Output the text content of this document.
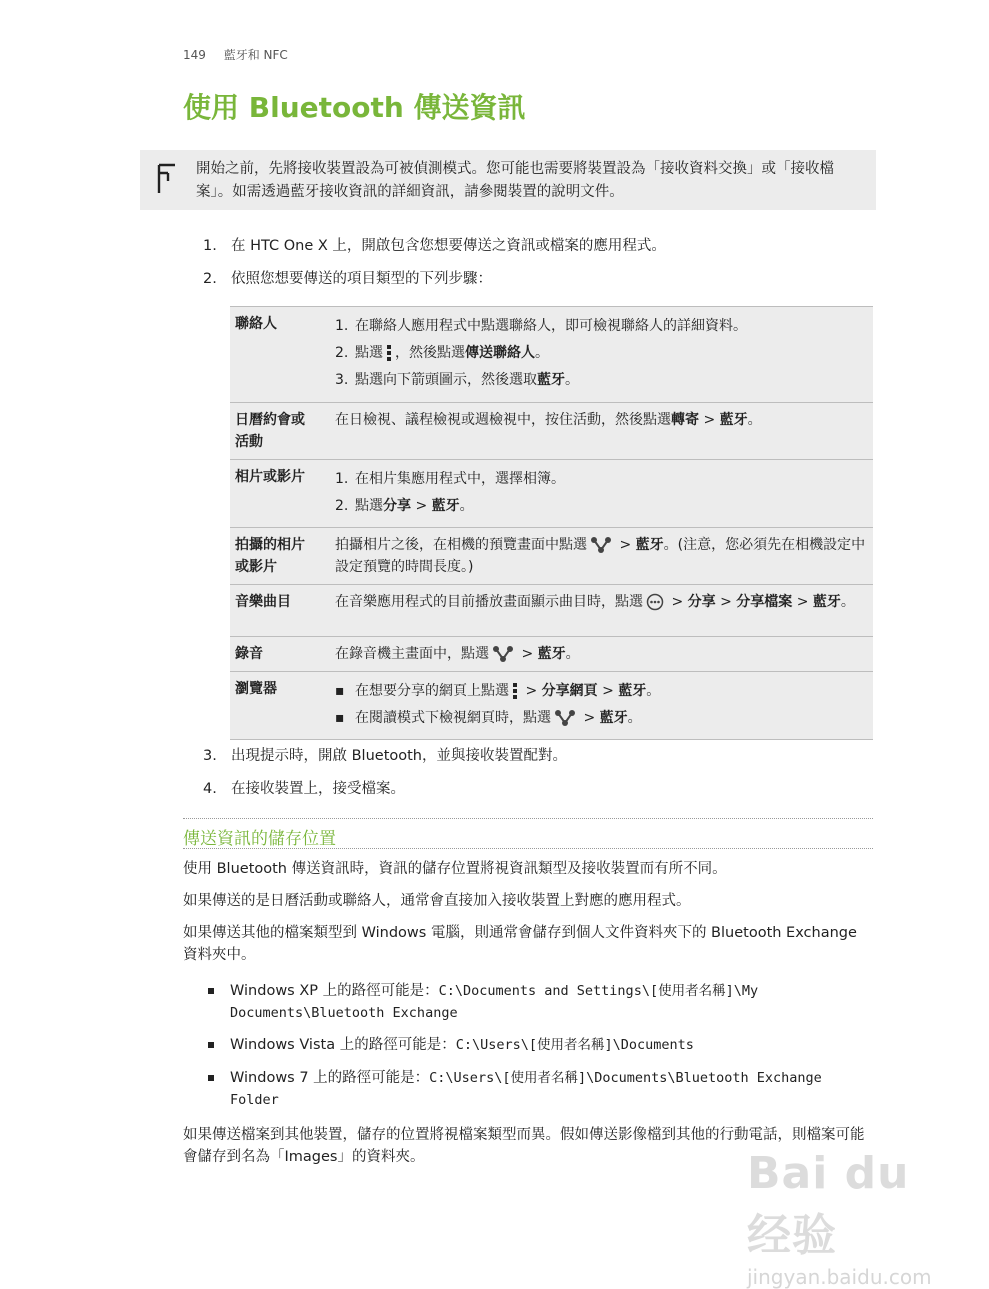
149 藍牙和 NFC
使用 Bluetooth 傳送資訊
開始之前，先將接收裝置設為可被偵測模式。您可能也需要將裝置設為「接收資料交換」或「接收檔案」。如需透過藍牙接收資訊的詳細資訊，請參閱裝置的說明文件。
1. 在 HTC One X 上，開啟包含您想要傳送之資訊或檔案的應用程式。
2. 依照您想要傳送的項目類型的下列步驟：
聯絡人	1. 在聯絡人應用程式中點選聯絡人，即可檢視聯絡人的詳細資料。
2. 點選 ，然後點選傳送聯絡人。
3. 點選向下箭頭圖示，然後選取藍牙。

日曆約會或
活動	在日檢視、議程檢視或週檢視中，按住活動，然後點選轉寄 > 藍牙。
相片或影片	1. 在相片集應用程式中，選擇相簿。
2. 點選分享 > 藍牙。

拍攝的相片
或影片	拍攝相片之後，在相機的預覽畫面中點選 > 藍牙。(注意，您必須先在相機設定中設定預覽的時間長度。)
音樂曲目	在音樂應用程式的目前播放畫面顯示曲目時，點選 > 分享 > 分享檔案 > 藍牙。
錄音	在錄音機主畫面中，點選 > 藍牙。
瀏覽器	▪ 在想要分享的網頁上點選 > 分享網頁 > 藍牙。
▪ 在閱讀模式下檢視網頁時，點選 > 藍牙。
3. 出現提示時，開啟 Bluetooth，並與接收裝置配對。
4. 在接收裝置上，接受檔案。
傳送資訊的儲存位置
使用 Bluetooth 傳送資訊時，資訊的儲存位置將視資訊類型及接收裝置而有所不同。
如果傳送的是日曆活動或聯絡人，通常會直接加入接收裝置上對應的應用程式。
如果傳送其他的檔案類型到 Windows 電腦，則通常會儲存到個人文件資料夾下的 Bluetooth Exchange 資料夾中。
Windows XP 上的路徑可能是：C:\Documents and Settings\[使用者名稱]\My Documents\Bluetooth Exchange
Windows Vista 上的路徑可能是：C:\Users\[使用者名稱]\Documents
Windows 7 上的路徑可能是：C:\Users\[使用者名稱]\Documents\Bluetooth Exchange Folder
如果傳送檔案到其他裝置，儲存的位置將視檔案類型而異。假如傳送影像檔到其他的行動電話，則檔案可能會儲存到名為「Images」的資料夾。	Bai du 经验
jingyan.baidu.com
